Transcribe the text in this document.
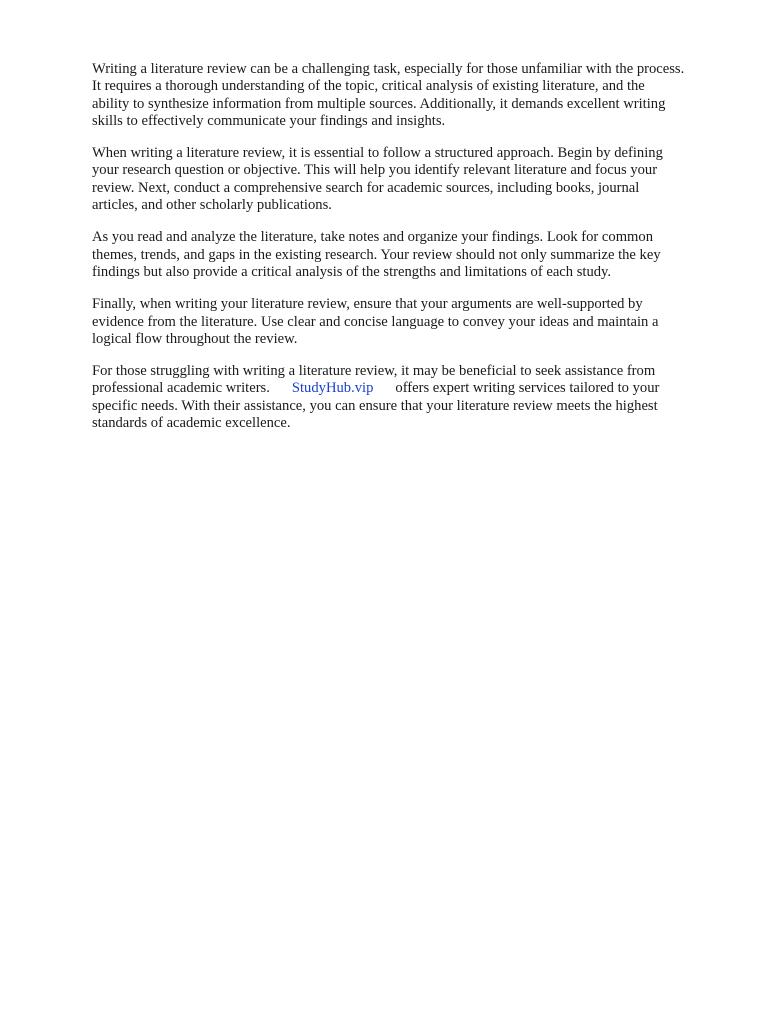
Writing a literature review can be a challenging task, especially for those unfamiliar with the process.
It requires a thorough understanding of the topic, critical analysis of existing literature, and the
ability to synthesize information from multiple sources. Additionally, it demands excellent writing
skills to effectively communicate your findings and insights.

When writing a literature review, it is essential to follow a structured approach. Begin by defining
your research question or objective. This will help you identify relevant literature and focus your
review. Next, conduct a comprehensive search for academic sources, including books, journal
articles, and other scholarly publications.

As you read and analyze the literature, take notes and organize your findings. Look for common
themes, trends, and gaps in the existing research. Your review should not only summarize the key
findings but also provide a critical analysis of the strengths and limitations of each study.

Finally, when writing your literature review, ensure that your arguments are well-supported by
evidence from the literature. Use clear and concise language to convey your ideas and maintain a
logical flow throughout the review.

For those struggling with writing a literature review, it may be beneficial to seek assistance from
professional academic writers. StudyHub.vip offers expert writing services tailored to your
specific needs. With their assistance, you can ensure that your literature review meets the highest
standards of academic excellence.
